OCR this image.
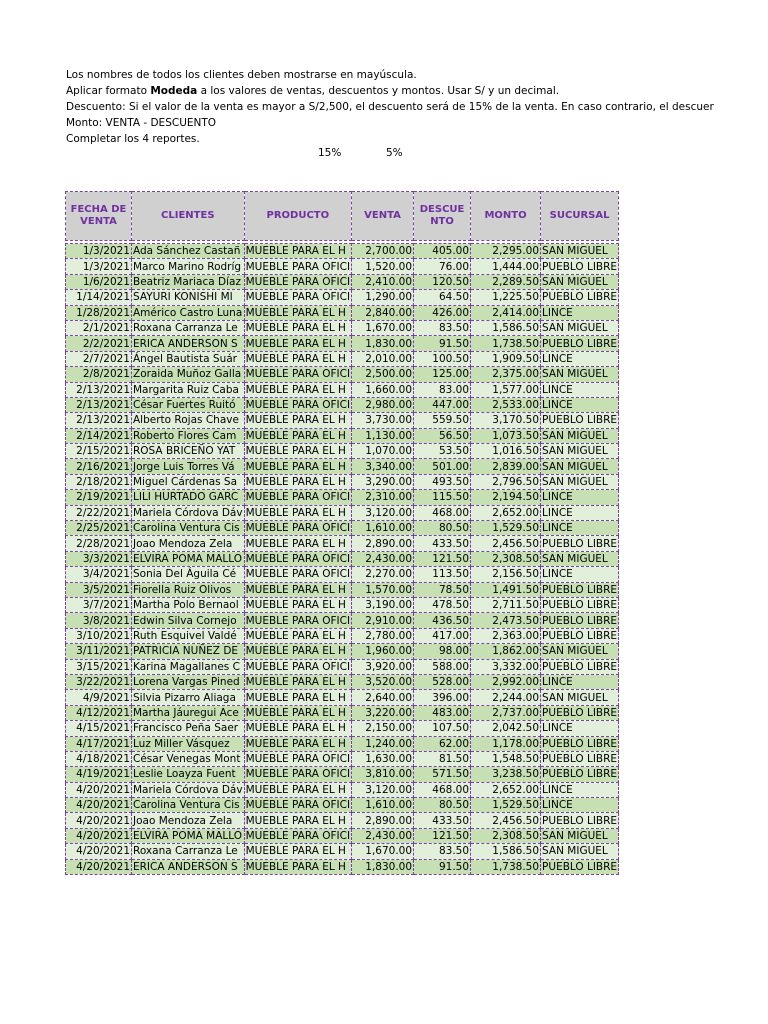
Los nombres de todos los clientes deben mostrarse en mayúscula.
Aplicar formato Modeda a los valores de ventas, descuentos y montos. Usar S/ y un decimal.
Descuento: Si el valor de la venta es mayor a S/2,500, el descuento será de 15% de la venta. En caso contrario, el descuer
Monto: VENTA - DESCUENTO
Completar los 4 reportes.
15%	5%
FECHA DE VENTA	CLIENTES	PRODUCTO	VENTA	DESCUE NTO	MONTO	SUCURSAL

1/3/2021	Ada Sánchez Castañ	MUEBLE PARA EL H	2,700.00	405.00	2,295.00	SAN MIGUEL
1/3/2021	Marco Marino Rodríg	MUEBLE PARA OFICI	1,520.00	76.00	1,444.00	PUEBLO LIBRE
1/6/2021	Beatriz Mariaca Díaz	MUEBLE PARA OFICI	2,410.00	120.50	2,289.50	SAN MIGUEL
1/14/2021	SAYURI KONISHI MI	MUEBLE PARA OFICI	1,290.00	64.50	1,225.50	PUEBLO LIBRE
1/28/2021	Américo Castro Luna	MUEBLE PARA EL H	2,840.00	426.00	2,414.00	LINCE
2/1/2021	Roxana Carranza Le	MUEBLE PARA EL H	1,670.00	83.50	1,586.50	SAN MIGUEL
2/2/2021	ERICA ANDERSON S	MUEBLE PARA EL H	1,830.00	91.50	1,738.50	PUEBLO LIBRE
2/7/2021	Ángel Bautista Suár	MUEBLE PARA EL H	2,010.00	100.50	1,909.50	LINCE
2/8/2021	Zoraida Muñoz Galla	MUEBLE PARA OFICI	2,500.00	125.00	2,375.00	SAN MIGUEL
2/13/2021	Margarita Ruiz Caba	MUEBLE PARA EL H	1,660.00	83.00	1,577.00	LINCE
2/13/2021	César Fuertes Ruitó	MUEBLE PARA OFICI	2,980.00	447.00	2,533.00	LINCE
2/13/2021	Alberto Rojas Chave	MUEBLE PARA EL H	3,730.00	559.50	3,170.50	PUEBLO LIBRE
2/14/2021	Roberto Flores Cam	MUEBLE PARA EL H	1,130.00	56.50	1,073.50	SAN MIGUEL
2/15/2021	ROSA BRICEÑO YAT	MUEBLE PARA EL H	1,070.00	53.50	1,016.50	SAN MIGUEL
2/16/2021	Jorge Luis Torres Vá	MUEBLE PARA EL H	3,340.00	501.00	2,839.00	SAN MIGUEL
2/18/2021	Miguel Cárdenas Sa	MUEBLE PARA EL H	3,290.00	493.50	2,796.50	SAN MIGUEL
2/19/2021	LILI HURTADO GARC	MUEBLE PARA OFICI	2,310.00	115.50	2,194.50	LINCE
2/22/2021	Mariela Córdova Dáv	MUEBLE PARA EL H	3,120.00	468.00	2,652.00	LINCE
2/25/2021	Carolina Ventura Cis	MUEBLE PARA OFICI	1,610.00	80.50	1,529.50	LINCE
2/28/2021	Joao Mendoza Zela	MUEBLE PARA EL H	2,890.00	433.50	2,456.50	PUEBLO LIBRE
3/3/2021	ELVIRA POMA MALLO	MUEBLE PARA OFICI	2,430.00	121.50	2,308.50	SAN MIGUEL
3/4/2021	Sonia Del Águila Cé	MUEBLE PARA OFICI	2,270.00	113.50	2,156.50	LINCE
3/5/2021	Fiorella Ruiz Olivos	MUEBLE PARA EL H	1,570.00	78.50	1,491.50	PUEBLO LIBRE
3/7/2021	Martha Polo Bernaol	MUEBLE PARA EL H	3,190.00	478.50	2,711.50	PUEBLO LIBRE
3/8/2021	Edwin Silva Cornejo	MUEBLE PARA OFICI	2,910.00	436.50	2,473.50	PUEBLO LIBRE
3/10/2021	Ruth Esquivel Valdé	MUEBLE PARA EL H	2,780.00	417.00	2,363.00	PUEBLO LIBRE
3/11/2021	PATRICIA NUÑEZ DE	MUEBLE PARA EL H	1,960.00	98.00	1,862.00	SAN MIGUEL
3/15/2021	Karina Magallanes C	MUEBLE PARA OFICI	3,920.00	588.00	3,332.00	PUEBLO LIBRE
3/22/2021	Lorena Vargas Pined	MUEBLE PARA EL H	3,520.00	528.00	2,992.00	LINCE
4/9/2021	Silvia Pizarro Aliaga	MUEBLE PARA EL H	2,640.00	396.00	2,244.00	SAN MIGUEL
4/12/2021	Martha Jáuregui Ace	MUEBLE PARA EL H	3,220.00	483.00	2,737.00	PUEBLO LIBRE
4/15/2021	Francisco Peña Saer	MUEBLE PARA EL H	2,150.00	107.50	2,042.50	LINCE
4/17/2021	Luz Miller Vásquez	MUEBLE PARA EL H	1,240.00	62.00	1,178.00	PUEBLO LIBRE
4/18/2021	César Venegas Mont	MUEBLE PARA OFICI	1,630.00	81.50	1,548.50	PUEBLO LIBRE
4/19/2021	Leslie Loayza Fuent	MUEBLE PARA OFICI	3,810.00	571.50	3,238.50	PUEBLO LIBRE
4/20/2021	Mariela Córdova Dáv	MUEBLE PARA EL H	3,120.00	468.00	2,652.00	LINCE
4/20/2021	Carolina Ventura Cis	MUEBLE PARA OFICI	1,610.00	80.50	1,529.50	LINCE
4/20/2021	Joao Mendoza Zela	MUEBLE PARA EL H	2,890.00	433.50	2,456.50	PUEBLO LIBRE
4/20/2021	ELVIRA POMA MALLO	MUEBLE PARA OFICI	2,430.00	121.50	2,308.50	SAN MIGUEL
4/20/2021	Roxana Carranza Le	MUEBLE PARA EL H	1,670.00	83.50	1,586.50	SAN MIGUEL
4/20/2021	ERICA ANDERSON S	MUEBLE PARA EL H	1,830.00	91.50	1,738.50	PUEBLO LIBRE
